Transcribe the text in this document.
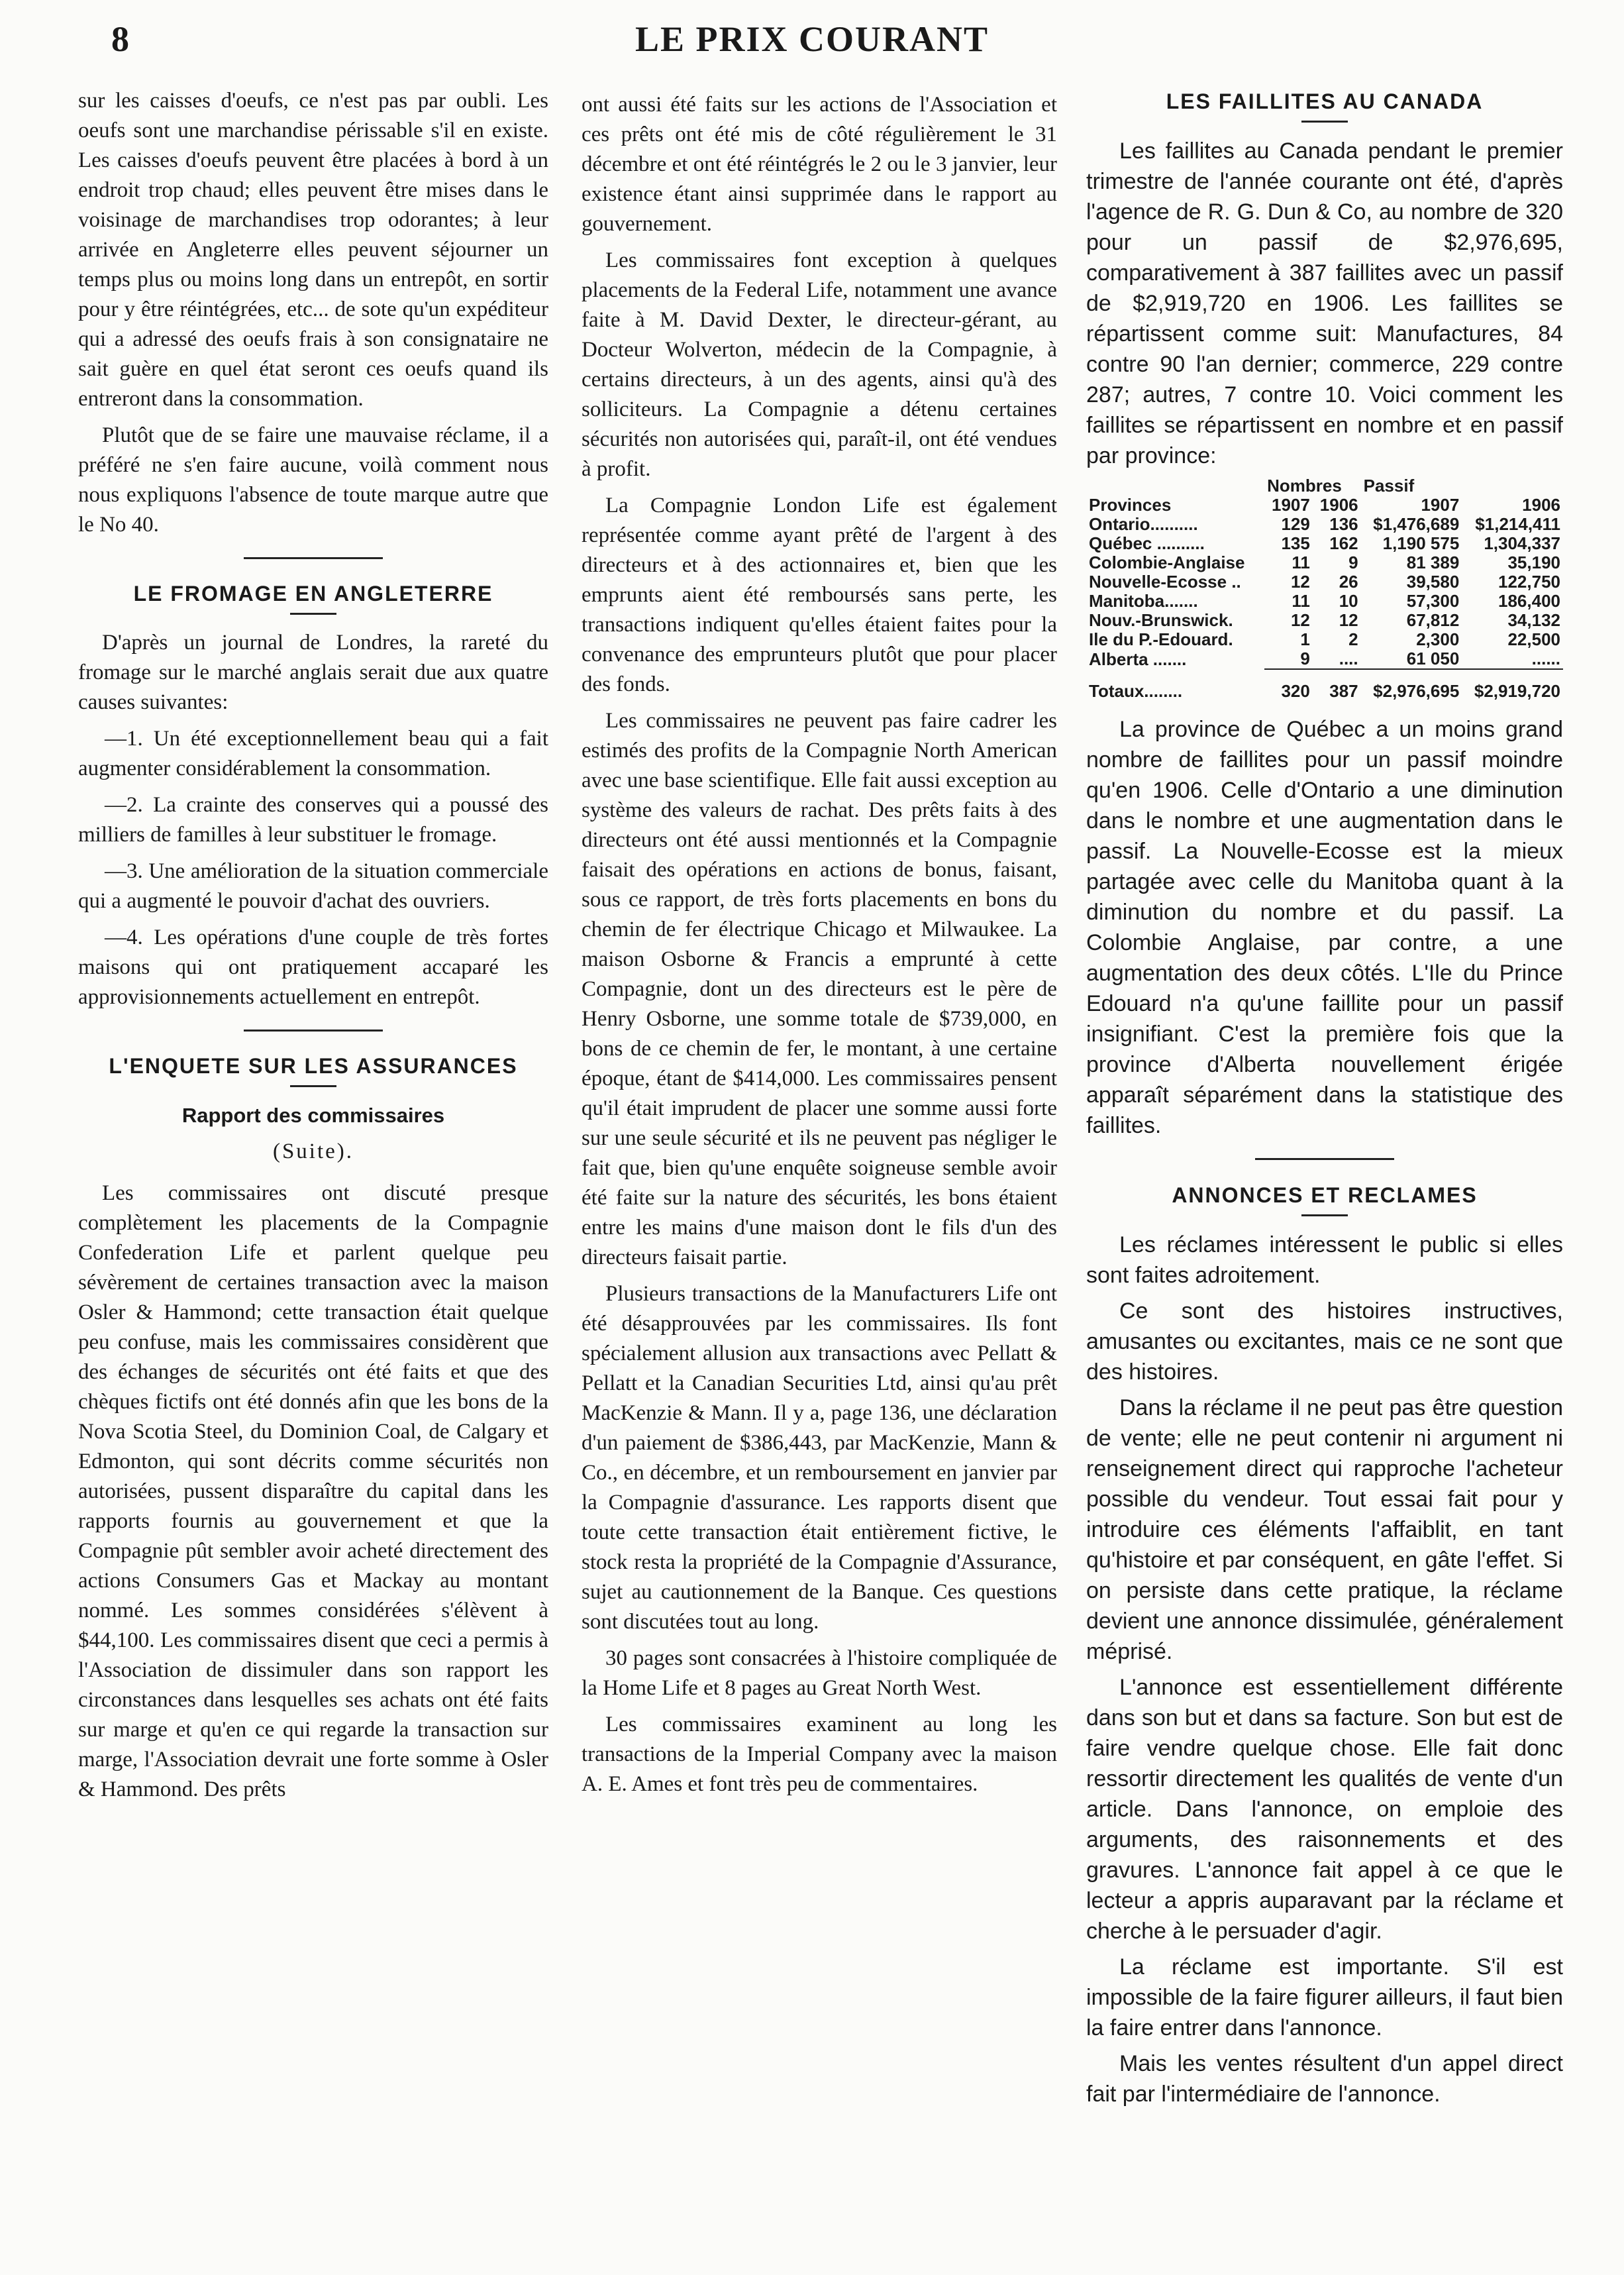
8	LE PRIX COURANT

sur les caisses d'oeufs, ce n'est pas par oubli. Les oeufs sont une marchandise périssable s'il en existe. Les caisses d'oeufs peuvent être placées à bord à un endroit trop chaud; elles peuvent être mises dans le voisinage de marchandises trop odorantes; à leur arrivée en Angleterre elles peuvent séjourner un temps plus ou moins long dans un entrepôt, en sortir pour y être réintégrées, etc... de sote qu'un expéditeur qui a adressé des oeufs frais à son consignataire ne sait guère en quel état seront ces oeufs quand ils entreront dans la consommation.

Plutôt que de se faire une mauvaise réclame, il a préféré ne s'en faire aucune, voilà comment nous nous expliquons l'absence de toute marque autre que le No 40.

LE FROMAGE EN ANGLETERRE

D'après un journal de Londres, la rareté du fromage sur le marché anglais serait due aux quatre causes suivantes:

—1. Un été exceptionnellement beau qui a fait augmenter considérablement la consommation.

—2. La crainte des conserves qui a poussé des milliers de familles à leur substituer le fromage.

—3. Une amélioration de la situation commerciale qui a augmenté le pouvoir d'achat des ouvriers.

—4. Les opérations d'une couple de très fortes maisons qui ont pratiquement accaparé les approvisionnements actuellement en entrepôt.

L'ENQUETE SUR LES ASSURANCES
Rapport des commissaires
(Suite).

Les commissaires ont discuté presque complètement les placements de la Compagnie Confederation Life et parlent quelque peu sévèrement de certaines transaction avec la maison Osler & Hammond; cette transaction était quelque peu confuse, mais les commissaires considèrent que des échanges de sécurités ont été faits et que des chèques fictifs ont été donnés afin que les bons de la Nova Scotia Steel, du Dominion Coal, de Calgary et Edmonton, qui sont décrits comme sécurités non autorisées, pussent disparaître du capital dans les rapports fournis au gouvernement et que la Compagnie pût sembler avoir acheté directement des actions Consumers Gas et Mackay au montant nommé. Les sommes considérées s'élèvent à $44,100. Les commissaires disent que ceci a permis à l'Association de dissimuler dans son rapport les circonstances dans lesquelles ses achats ont été faits sur marge et qu'en ce qui regarde la transaction sur marge, l'Association devrait une forte somme à Osler & Hammond. Des prêts

ont aussi été faits sur les actions de l'Association et ces prêts ont été mis de côté régulièrement le 31 décembre et ont été réintégrés le 2 ou le 3 janvier, leur existence étant ainsi supprimée dans le rapport au gouvernement.

Les commissaires font exception à quelques placements de la Federal Life, notamment une avance faite à M. David Dexter, le directeur-gérant, au Docteur Wolverton, médecin de la Compagnie, à certains directeurs, à un des agents, ainsi qu'à des solliciteurs. La Compagnie a détenu certaines sécurités non autorisées qui, paraît-il, ont été vendues à profit.

La Compagnie London Life est également représentée comme ayant prêté de l'argent à des directeurs et à des actionnaires et, bien que les emprunts aient été remboursés sans perte, les transactions indiquent qu'elles étaient faites pour la convenance des emprunteurs plutôt que pour placer des fonds.

Les commissaires ne peuvent pas faire cadrer les estimés des profits de la Compagnie North American avec une base scientifique. Elle fait aussi exception au système des valeurs de rachat. Des prêts faits à des directeurs ont été aussi mentionnés et la Compagnie faisait des opérations en actions de bonus, faisant, sous ce rapport, de très forts placements en bons du chemin de fer électrique Chicago et Milwaukee. La maison Osborne & Francis a emprunté à cette Compagnie, dont un des directeurs est le père de Henry Osborne, une somme totale de $739,000, en bons de ce chemin de fer, le montant, à une certaine époque, étant de $414,000. Les commissaires pensent qu'il était imprudent de placer une somme aussi forte sur une seule sécurité et ils ne peuvent pas négliger le fait que, bien qu'une enquête soigneuse semble avoir été faite sur la nature des sécurités, les bons étaient entre les mains d'une maison dont le fils d'un des directeurs faisait partie.

Plusieurs transactions de la Manufacturers Life ont été désapprouvées par les commissaires. Ils font spécialement allusion aux transactions avec Pellatt & Pellatt et la Canadian Securities Ltd, ainsi qu'au prêt MacKenzie & Mann. Il y a, page 136, une déclaration d'un paiement de $386,443, par MacKenzie, Mann & Co., en décembre, et un remboursement en janvier par la Compagnie d'assurance. Les rapports disent que toute cette transaction était entièrement fictive, le stock resta la propriété de la Compagnie d'Assurance, sujet au cautionnement de la Banque. Ces questions sont discutées tout au long.

30 pages sont consacrées à l'histoire compliquée de la Home Life et 8 pages au Great North West.

Les commissaires examinent au long les transactions de la Imperial Company avec la maison A. E. Ames et font très peu de commentaires.

LES FAILLITES AU CANADA

Les faillites au Canada pendant le premier trimestre de l'année courante ont été, d'après l'agence de R. G. Dun & Co, au nombre de 320 pour un passif de $2,976,695, comparativement à 387 faillites avec un passif de $2,919,720 en 1906. Les faillites se répartissent comme suit: Manufactures, 84 contre 90 l'an dernier; commerce, 229 contre 287; autres, 7 contre 10. Voici comment les faillites se répartissent en nombre et en passif par province:

	Nombres		Passif	
Provinces	1907	1906	1907	1906
Ontario..........	129	136	$1,476,689	$1,214,411
Québec ..........	135	162	1,190 575	1,304,337
Colombie-Anglaise	11	9	81 389	35,190
Nouvelle-Ecosse ..	12	26	39,580	122,750
Manitoba.......	11	10	57,300	186,400
Nouv.-Brunswick.	12	12	67,812	34,132
Ile du P.-Edouard.	1	2	2,300	22,500
Alberta .......	9	....	61 050	......

Totaux........	320	387	$2,976,695	$2,919,720

La province de Québec a un moins grand nombre de faillites pour un passif moindre qu'en 1906. Celle d'Ontario a une diminution dans le nombre et une augmentation dans le passif. La Nouvelle-Ecosse est la mieux partagée avec celle du Manitoba quant à la diminution du nombre et du passif. La Colombie Anglaise, par contre, a une augmentation des deux côtés. L'Ile du Prince Edouard n'a qu'une faillite pour un passif insignifiant. C'est la première fois que la province d'Alberta nouvellement érigée apparaît séparément dans la statistique des faillites.

ANNONCES ET RECLAMES

Les réclames intéressent le public si elles sont faites adroitement.

Ce sont des histoires instructives, amusantes ou excitantes, mais ce ne sont que des histoires.

Dans la réclame il ne peut pas être question de vente; elle ne peut contenir ni argument ni renseignement direct qui rapproche l'acheteur possible du vendeur. Tout essai fait pour y introduire ces éléments l'affaiblit, en tant qu'histoire et par conséquent, en gâte l'effet. Si on persiste dans cette pratique, la réclame devient une annonce dissimulée, généralement méprisé.

L'annonce est essentiellement différente dans son but et dans sa facture. Son but est de faire vendre quelque chose. Elle fait donc ressortir directement les qualités de vente d'un article. Dans l'annonce, on emploie des arguments, des raisonnements et des gravures. L'annonce fait appel à ce que le lecteur a appris auparavant par la réclame et cherche à le persuader d'agir.

La réclame est importante. S'il est impossible de la faire figurer ailleurs, il faut bien la faire entrer dans l'annonce.

Mais les ventes résultent d'un appel direct fait par l'intermédiaire de l'annonce.
